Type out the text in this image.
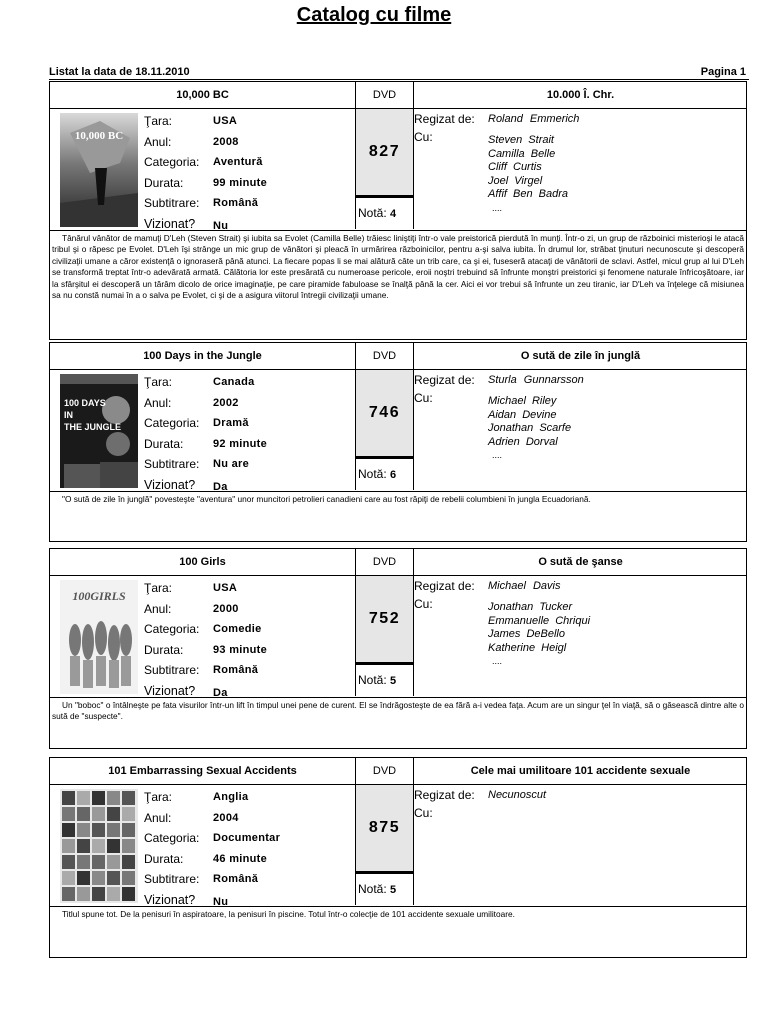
Catalog cu filme
Listat la data de 18.11.2010	Pagina 1
10,000 BC	DVD	10.000 Î. Chr.
10,000 BC
Ţara:	USA
Anul:	2008
Categoria:	Aventură
Durata:	99 minute
Subtitrare:	Română
Vizionat?	Nu
827
Notă: 4
Regizat de:	Roland Emmerich
Cu:	Steven Strait
Camilla Belle
Cliff Curtis
Joel Virgel
Affif Ben Badra
....
Tânărul vânător de mamuţi D'Leh (Steven Strait) şi iubita sa Evolet (Camilla Belle) trăiesc liniştiţi într-o vale preistorică pierdută în munţi. Într-o zi, un grup de războinici misterioşi le atacă tribul şi o răpesc pe Evolet. D'Leh îşi strânge un mic grup de vânători şi pleacă în urmărirea războinicilor, pentru a-şi salva iubita. În drumul lor, străbat ţinuturi necunoscute şi descoperă civilizaţii umane a căror existenţă o ignoraseră până atunci. La fiecare popas li se mai alătură câte un trib care, ca şi ei, fuseseră atacaţi de vânătorii de sclavi. Astfel, micul grup al lui D'Leh se transformă treptat într-o adevărată armată. Călătoria lor este presărată cu numeroase pericole, eroii noştri trebuind să înfrunte monştri preistorici şi fenomene naturale înfricoşătoare, iar la sfârşitul ei descoperă un tărâm dicolo de orice imaginaţie, pe care piramide fabuloase se înalţă până la cer. Aici ei vor trebui să înfrunte un zeu tiranic, iar D'Leh va înţelege că misiunea sa nu constă numai în a o salva pe Evolet, ci şi de a asigura viitorul întregii civilizaţii umane.
100 Days in the Jungle	DVD	O sută de zile în junglă
100 DAYS IN THE JUNGLE
Ţara:	Canada
Anul:	2002
Categoria:	Dramă
Durata:	92 minute
Subtitrare:	Nu are
Vizionat?	Da
746
Notă: 6
Regizat de:	Sturla Gunnarsson
Cu:	Michael Riley
Aidan Devine
Jonathan Scarfe
Adrien Dorval
....
"O sută de zile în junglă" povesteşte "aventura" unor muncitori petrolieri canadieni care au fost răpiţi de rebelii columbieni în jungla Ecuadoriană.
100 Girls	DVD	O sută de şanse
100GIRLS
Ţara:	USA
Anul:	2000
Categoria:	Comedie
Durata:	93 minute
Subtitrare:	Română
Vizionat?	Da
752
Notă: 5
Regizat de:	Michael Davis
Cu:	Jonathan Tucker
Emmanuelle Chriqui
James DeBello
Katherine Heigl
....
Un "boboc" o întâlneşte pe fata visurilor într-un lift în timpul unei pene de curent. El se îndrăgosteşte de ea fără a-i vedea faţa. Acum are un singur ţel în viaţă, să o găsească dintre alte o sută de "suspecte".
101 Embarrassing Sexual Accidents	DVD	Cele mai umilitoare 101 accidente sexuale
Ţara:	Anglia
Anul:	2004
Categoria:	Documentar
Durata:	46 minute
Subtitrare:	Română
Vizionat?	Nu
875
Notă: 5
Regizat de:	Necunoscut
Cu:
Titlul spune tot. De la penisuri în aspiratoare, la penisuri în piscine. Totul într-o colecţie de 101 accidente sexuale umilitoare.
